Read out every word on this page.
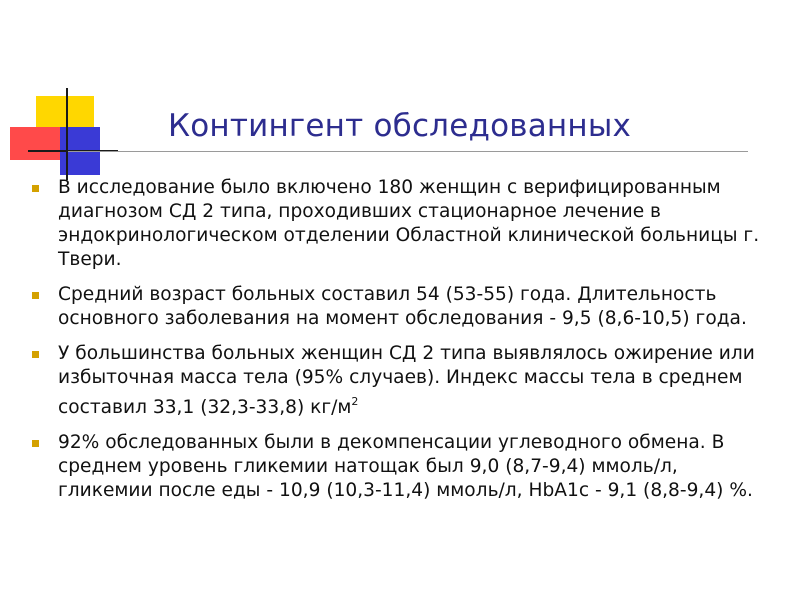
Контингент обследованных
В исследование было включено 180 женщин с верифицированным диагнозом СД 2 типа, проходивших стационарное лечение в эндокринологическом отделении Областной клинической больницы г. Твери.
Средний возраст больных составил 54 (53-55) года. Длительность основного заболевания на момент обследования - 9,5 (8,6-10,5) года.
У большинства больных женщин СД 2 типа выявлялось ожирение или избыточная масса тела (95% случаев). Индекс массы тела в среднем составил 33,1 (32,3-33,8) $кг/м^2$
92% обследованных были в декомпенсации углеводного обмена. В среднем уровень гликемии натощак был 9,0 (8,7-9,4) ммоль/л, гликемии после еды - 10,9 (10,3-11,4) ммоль/л, HbA1c - 9,1 (8,8-9,4) %.
